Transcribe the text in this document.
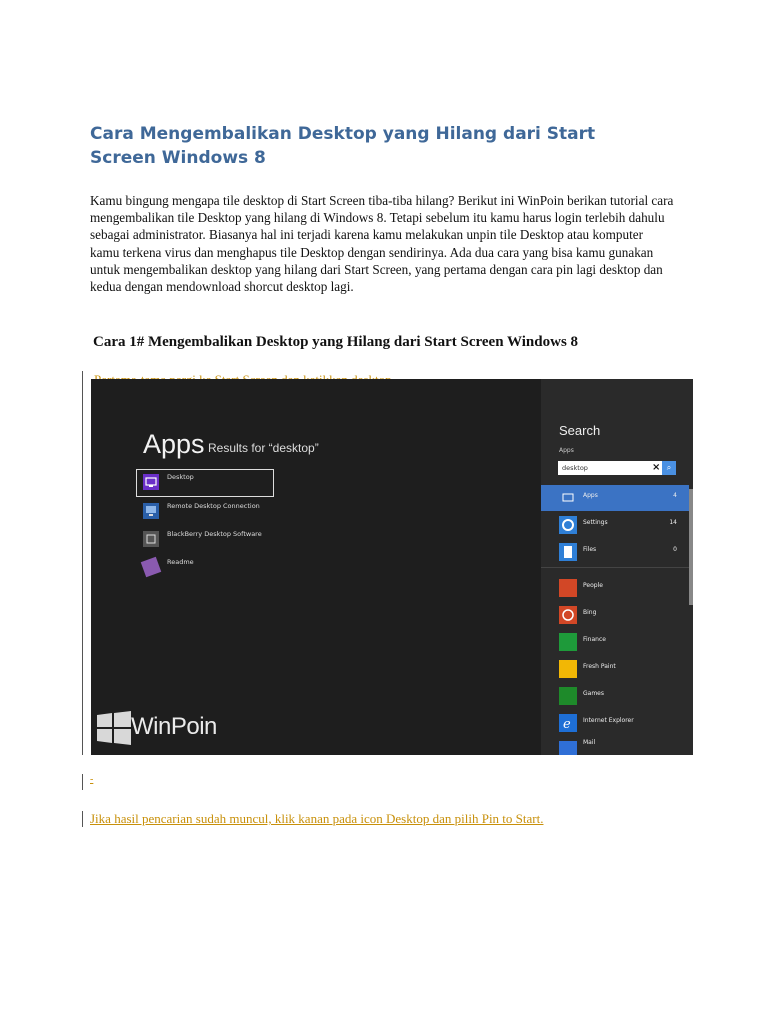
Cara Mengembalikan Desktop yang Hilang dari Start Screen Windows 8

Kamu bingung mengapa tile desktop di Start Screen tiba-tiba hilang? Berikut ini WinPoin berikan tutorial cara mengembalikan tile Desktop yang hilang di Windows 8. Tetapi sebelum itu kamu harus login terlebih dahulu sebagai administrator. Biasanya hal ini terjadi karena kamu melakukan unpin tile Desktop atau komputer kamu terkena virus dan menghapus tile Desktop dengan sendirinya. Ada dua cara yang bisa kamu gunakan untuk mengembalikan desktop yang hilang dari Start Screen, yang pertama dengan cara pin lagi desktop dan kedua dengan mendownload shorcut desktop lagi.

Cara 1# Mengembalikan Desktop yang Hilang dari Start Screen Windows 8
Apps Results for “desktop”
Desktop
Remote Desktop Connection
BlackBerry Desktop Software
Readme
WinPoin
Search
Apps
desktop	× ⌕
Apps	4
Settings	14
Files	0
People
Bing
Finance
Fresh Paint
Games
e Internet Explorer
Mail
-
Jika hasil pencarian sudah muncul, klik kanan pada icon Desktop dan pilih Pin to Start.
